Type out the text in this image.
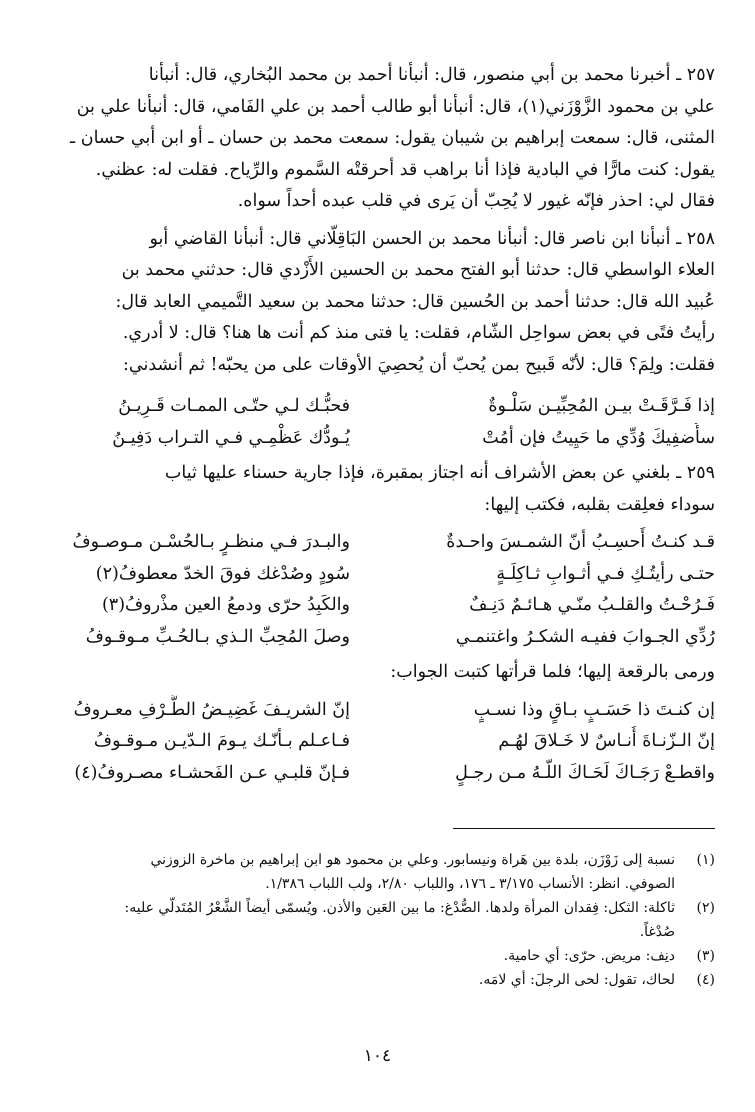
٢٥٧ ـ أخبرنا محمد بن أبي منصور، قال: أنبأنا أحمد بن محمد البُخاري، قال: أنبأنا
علي بن محمود الزَّوْزَني(١)، قال: أنبأنا أبو طالب أحمد بن علي الفَامي، قال: أنبأنا علي بن
المثنى، قال: سمعت إبراهيم بن شيبان يقول: سمعت محمد بن حسان ـ أو ابن أبي حسان ـ
يقول: كنت مارًّا في البادية فإذا أنا براهب قد أحرقتْه السَّموم والرِّياح. فقلت له: عظني.
فقال لي: احذر فإنّه غيور لا يُحِبّ أن يَرى في قلب عبده أحداً سواه.
٢٥٨ ـ أنبأنا ابن ناصر قال: أنبأنا محمد بن الحسن البَاقِلّاني قال: أنبأنا القاضي أبو
العلاء الواسطي قال: حدثنا أبو الفتح محمد بن الحسين الأَزْدي قال: حدثني محمد بن
عُبيد الله قال: حدثنا أحمد بن الحُسين قال: حدثنا محمد بن سعيد التَّميمي العابد قال:
رأيتُ فتًى في بعض سواحِل الشّام، فقلت: يا فتى منذ كم أنت ها هنا؟ قال: لا أدري.
فقلت: ولِمَ؟ قال: لأنّه قَبيح بمن يُحبّ أن يُحصِيَ الأوقات على من يحبّه! ثم أنشدني:
إذا فَـرَّقَـتْ بيـن المُحِبِّيـن سَلْـوةٌ
فحبُّـك لـي حتّـى الممـات قَـرِيـنُ
سأُضفِيكَ وُدِّي ما حَيِيتُ فإن أمُتْ
يُـودُّك عَظْمِـي فـي التـراب دَفِيـنُ
٢٥٩ ـ بلغني عن بعض الأشراف أنه اجتاز بمقبرة، فإذا جارية حسناء عليها ثياب
سوداء فعلِقت بقلبه، فكتب إليها:
قـد كنـتُ أَحسِـبُ أنّ الشمـسَ واحـدةٌ
والبـدرَ فـي منظـرٍ بـالحُسْـن مـوصـوفُ
حتـى رأيتُـكِ فـي أثـوابِ ثـاكِلَـةٍ
سُودٍ وصُدْغك فوقَ الخدّ معطوفُ(٢)
فَـرُحْـتُ والقلـبُ منّـي هـائـمٌ دَنِـفٌ
والكَبِدُ حرّى ودمعُ العين مذْروفُ(٣)
رُدِّي الجـوابَ ففيـه الشكـرُ واغتنمـي
وصلَ المُحِبِّ الـذي بـالحُـبِّ مـوقـوفُ
ورمى بالرقعة إليها؛ فلما قرأتها كتبت الجواب:
إن كنـتَ ذا حَسَـبٍ بـاقٍ وذا نسـبٍ
إنّ الشريـفَ غَضِيـضُ الطَّـرْفِ معـروفُ
إنّ الـزّنـاةَ أُنـاسٌ لا خَـلاقَ لهُـم
فـاعـلم بـأنّـك يـومَ الـدّيـن مـوقـوفُ
واقطـعْ رَجَـاكَ لَحَـاكَ اللّـهُ مـن رجـلٍ
فـإنّ قلبـي عـن الفَحشـاء مصـروفُ(٤)
(١)
نسبة إلى زَوْزَن، بلدة بين هَراة ونيسابور. وعلي بن محمود هو ابن إبراهيم بن ماخرة الزوزني
الصوفي. انظر: الأنساب ٣/١٧٥ ـ ١٧٦، واللباب ٢/٨٠، ولب اللباب ١/٣٨٦.
(٢)
ثاكلة: الثكل: فِقدان المرأة ولدها. الصُّدْغ: ما بين العَين والأذن. ويُسمّى أيضاً الشَّعْرُ المُتَدلّي عليه:
صُدْغاً.
(٣)
دنِف: مريض. حرّى: أي حامية.
(٤)
لحاك، تقول: لحى الرجلَ: أي لامَه.
١٠٤
